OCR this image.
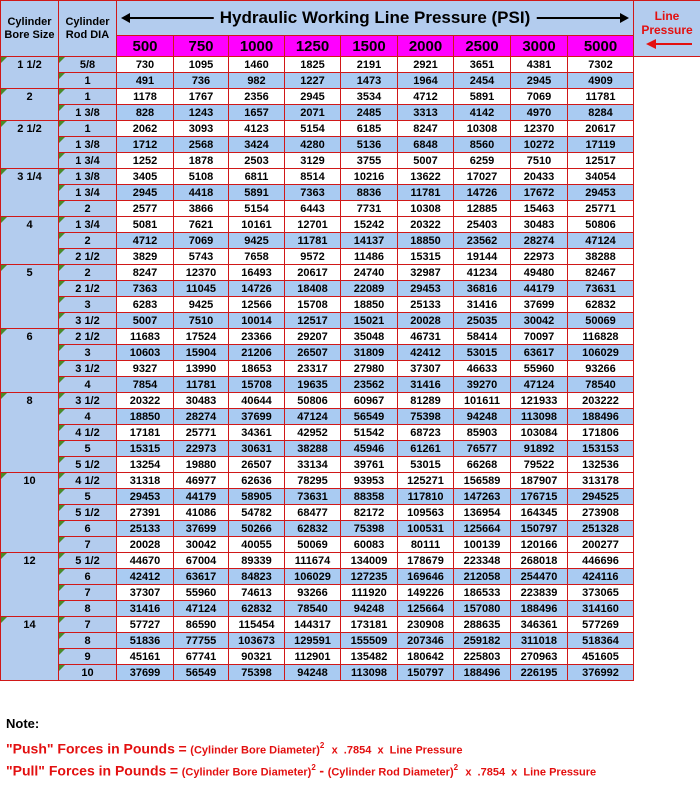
Cylinder Bore Size	Cylinder Rod DIA	Hydraulic Working Line Pressure (PSI)									Line Pressure

		500	750	1000	1250	1500	2000	2500	3000	5000	

1 1/2	5/8	730	1095	1460	1825	2191	2921	3651	4381	7302	

1	491	736	982	1227	1473	1964	2454	2945	4909	

2	1	1178	1767	2356	2945	3534	4712	5891	7069	11781	

1 3/8	828	1243	1657	2071	2485	3313	4142	4970	8284	

2 1/2	1	2062	3093	4123	5154	6185	8247	10308	12370	20617	

1 3/8	1712	2568	3424	4280	5136	6848	8560	10272	17119	

1 3/4	1252	1878	2503	3129	3755	5007	6259	7510	12517	

3 1/4	1 3/8	3405	5108	6811	8514	10216	13622	17027	20433	34054	

1 3/4	2945	4418	5891	7363	8836	11781	14726	17672	29453	

2	2577	3866	5154	6443	7731	10308	12885	15463	25771	

4	1 3/4	5081	7621	10161	12701	15242	20322	25403	30483	50806	

2	4712	7069	9425	11781	14137	18850	23562	28274	47124	

2 1/2	3829	5743	7658	9572	11486	15315	19144	22973	38288	

5	2	8247	12370	16493	20617	24740	32987	41234	49480	82467	

2 1/2	7363	11045	14726	18408	22089	29453	36816	44179	73631	

3	6283	9425	12566	15708	18850	25133	31416	37699	62832	

3 1/2	5007	7510	10014	12517	15021	20028	25035	30042	50069	

6	2 1/2	11683	17524	23366	29207	35048	46731	58414	70097	116828	

3	10603	15904	21206	26507	31809	42412	53015	63617	106029	

3 1/2	9327	13990	18653	23317	27980	37307	46633	55960	93266	

4	7854	11781	15708	19635	23562	31416	39270	47124	78540	

8	3 1/2	20322	30483	40644	50806	60967	81289	101611	121933	203222	

4	18850	28274	37699	47124	56549	75398	94248	113098	188496	

4 1/2	17181	25771	34361	42952	51542	68723	85903	103084	171806	

5	15315	22973	30631	38288	45946	61261	76577	91892	153153	

5 1/2	13254	19880	26507	33134	39761	53015	66268	79522	132536	

10	4 1/2	31318	46977	62636	78295	93953	125271	156589	187907	313178	

5	29453	44179	58905	73631	88358	117810	147263	176715	294525	

5 1/2	27391	41086	54782	68477	82172	109563	136954	164345	273908	

6	25133	37699	50266	62832	75398	100531	125664	150797	251328	

7	20028	30042	40055	50069	60083	80111	100139	120166	200277	

12	5 1/2	44670	67004	89339	111674	134009	178679	223348	268018	446696	

6	42412	63617	84823	106029	127235	169646	212058	254470	424116	

7	37307	55960	74613	93266	111920	149226	186533	223839	373065	

8	31416	47124	62832	78540	94248	125664	157080	188496	314160	

14	7	57727	86590	115454	144317	173181	230908	288635	346361	577269	

8	51836	77755	103673	129591	155509	207346	259182	311018	518364	

9	45161	67741	90321	112901	135482	180642	225803	270963	451605	

10	37699	56549	75398	94248	113098	150797	188496	226195	376992	

Note:

"Push" Forces in Pounds = (Cylinder Bore Diameter)$^2$ x  .7854  x  Line Pressure
"Pull" Forces in Pounds = (Cylinder Bore Diameter)$^2$ - (Cylinder Rod Diameter)$^2$ x  .7854  x  Line Pressure
